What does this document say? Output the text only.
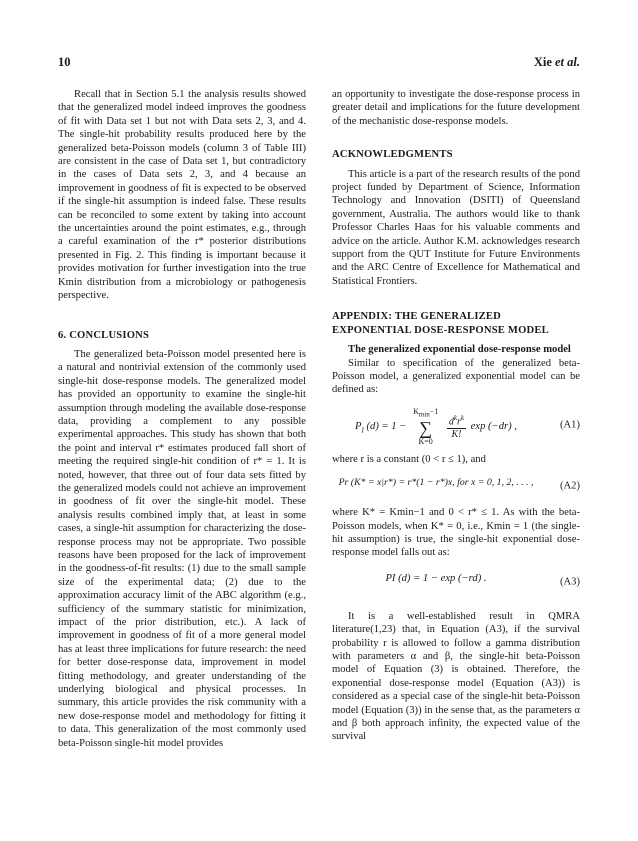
10	Xie et al.

Recall that in Section 5.1 the analysis results showed that the generalized model indeed improves the goodness of fit with Data set 1 but not with Data sets 2, 3, and 4. The single-hit probability results produced here by the generalized beta-Poisson models (column 3 of Table III) are consistent in the case of Data set 1, but contradictory in the cases of Data sets 2, 3, and 4 because an improvement in goodness of fit is expected to be observed if the single-hit assumption is indeed false. These results can be reconciled to some extent by taking into account the uncertainties around the point estimates, e.g., through a careful examination of the r* posterior distributions presented in Fig. 2. This finding is important because it provides motivation for further investigation into the true Kmin distribution from a microbiology or pathogenesis perspective.

6. CONCLUSIONS

The generalized beta-Poisson model presented here is a natural and nontrivial extension of the commonly used single-hit dose-response models. The generalized model has provided an opportunity to examine the single-hit assumption through modeling the available dose-response data, providing a complement to any possible experimental approaches. This study has shown that both the point and interval r* estimates produced fall short of meeting the required single-hit condition of r* = 1. It is noted, however, that three out of four data sets fitted by the generalized models could not achieve an improvement in goodness of fit over the single-hit model. These analysis results combined imply that, at least in some cases, a single-hit assumption for characterizing the dose-response process may not be appropriate. Two possible reasons have been proposed for the lack of improvement in the goodness-of-fit results: (1) due to the small sample size of the experimental data; (2) due to the approximation accuracy limit of the ABC algorithm (e.g., sufficiency of the summary statistic for minimization, impact of the prior distribution, etc.). A lack of improvement in goodness of fit of a more general model has at least three implications for future research: the need for better dose-response data, improvement in model fitting methodology, and greater understanding of the underlying biological and physical processes. In summary, this article provides the risk community with a new dose-response model and methodology for fitting it to data. This generalization of the most commonly used beta-Poisson single-hit model provides

an opportunity to investigate the dose-response process in greater detail and implications for the future development of the mechanistic dose-response models.

ACKNOWLEDGMENTS

This article is a part of the research results of the pond project funded by Department of Science, Information Technology and Innovation (DSITI) of Queensland government, Australia. The authors would like to thank Professor Charles Haas for his valuable comments and advice on the article. Author K.M. acknowledges research support from the QUT Institute for Future Environments and the ARC Centre of Excellence for Mathematical and Statistical Frontiers.

APPENDIX: THE GENERALIZED
EXPONENTIAL DOSE-RESPONSE MODEL

The generalized exponential dose-response model

Similar to specification of the generalized beta-Poisson model, a generalized exponential model can be defined as:

$P_I$ (d) = 1 −
$K_{min}-1$
∑
K=0

$\frac{d^kr^k}{K!}$ exp (−dr) ,	(A1)

where r is a constant (0 < r ≤ 1), and

Pr (K* = x|r*) = r*(1 − r*)x, for x = 0, 1, 2, . . . ,	(A2)

where K* = Kmin−1 and 0 < r* ≤ 1. As with the beta-Poisson models, when K* = 0, i.e., Kmin = 1 (the single-hit assumption) is true, the single-hit exponential dose-response model falls out as:

PI (d) = 1 − exp (−rd) .	(A3)

It is a well-established result in QMRA literature(1,23) that, in Equation (A3), if the survival probability r is allowed to follow a gamma distribution with parameters α and β, the single-hit beta-Poisson model of Equation (3) is obtained. Therefore, the exponential dose-response model (Equation (A3)) is considered as a special case of the single-hit beta-Poisson model (Equation (3)) in the sense that, as the parameters α and β both approach infinity, the expected value of the survival
